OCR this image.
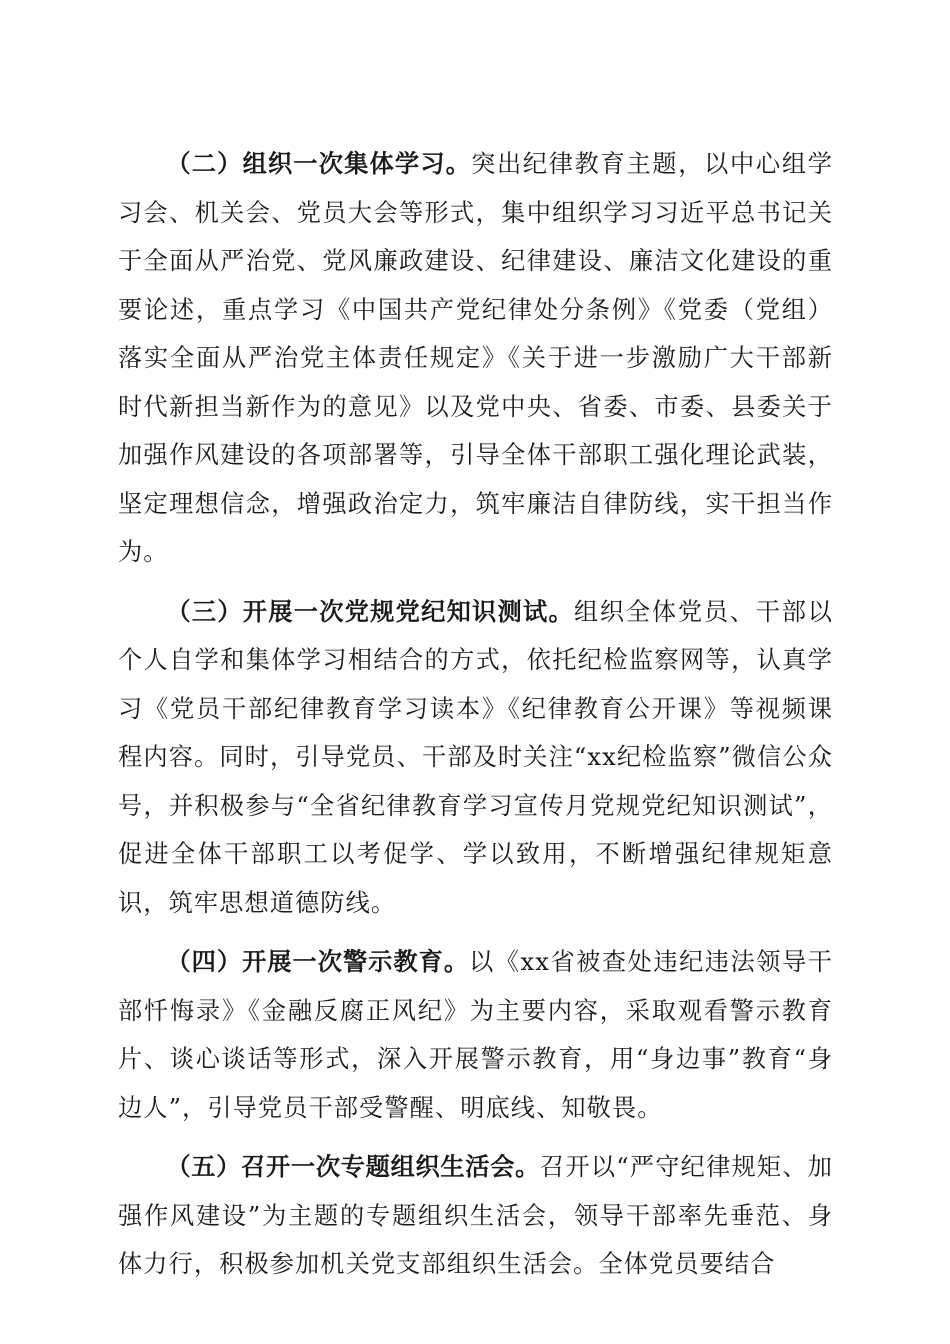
（二）组织一次集体学习。突出纪律教育主题，以中心组学习会、机关会、党员大会等形式，集中组织学习习近平总书记关于全面从严治党、党风廉政建设、纪律建设、廉洁文化建设的重要论述，重点学习《中国共产党纪律处分条例》《党委（党组）落实全面从严治党主体责任规定》《关于进一步激励广大干部新时代新担当新作为的意见》以及党中央、省委、市委、县委关于加强作风建设的各项部署等，引导全体干部职工强化理论武装，坚定理想信念，增强政治定力，筑牢廉洁自律防线，实干担当作为。

（三）开展一次党规党纪知识测试。组织全体党员、干部以个人自学和集体学习相结合的方式，依托纪检监察网等，认真学习《党员干部纪律教育学习读本》《纪律教育公开课》等视频课程内容。同时，引导党员、干部及时关注“xx纪检监察”微信公众号，并积极参与“全省纪律教育学习宣传月党规党纪知识测试”，促进全体干部职工以考促学、学以致用，不断增强纪律规矩意识，筑牢思想道德防线。

（四）开展一次警示教育。以《xx省被查处违纪违法领导干部忏悔录》《金融反腐正风纪》为主要内容，采取观看警示教育片、谈心谈话等形式，深入开展警示教育，用“身边事”教育“身边人”，引导党员干部受警醒、明底线、知敬畏。

（五）召开一次专题组织生活会。召开以“严守纪律规矩、加强作风建设”为主题的专题组织生活会，领导干部率先垂范、身体力行，积极参加机关党支部组织生活会。全体党员要结合
